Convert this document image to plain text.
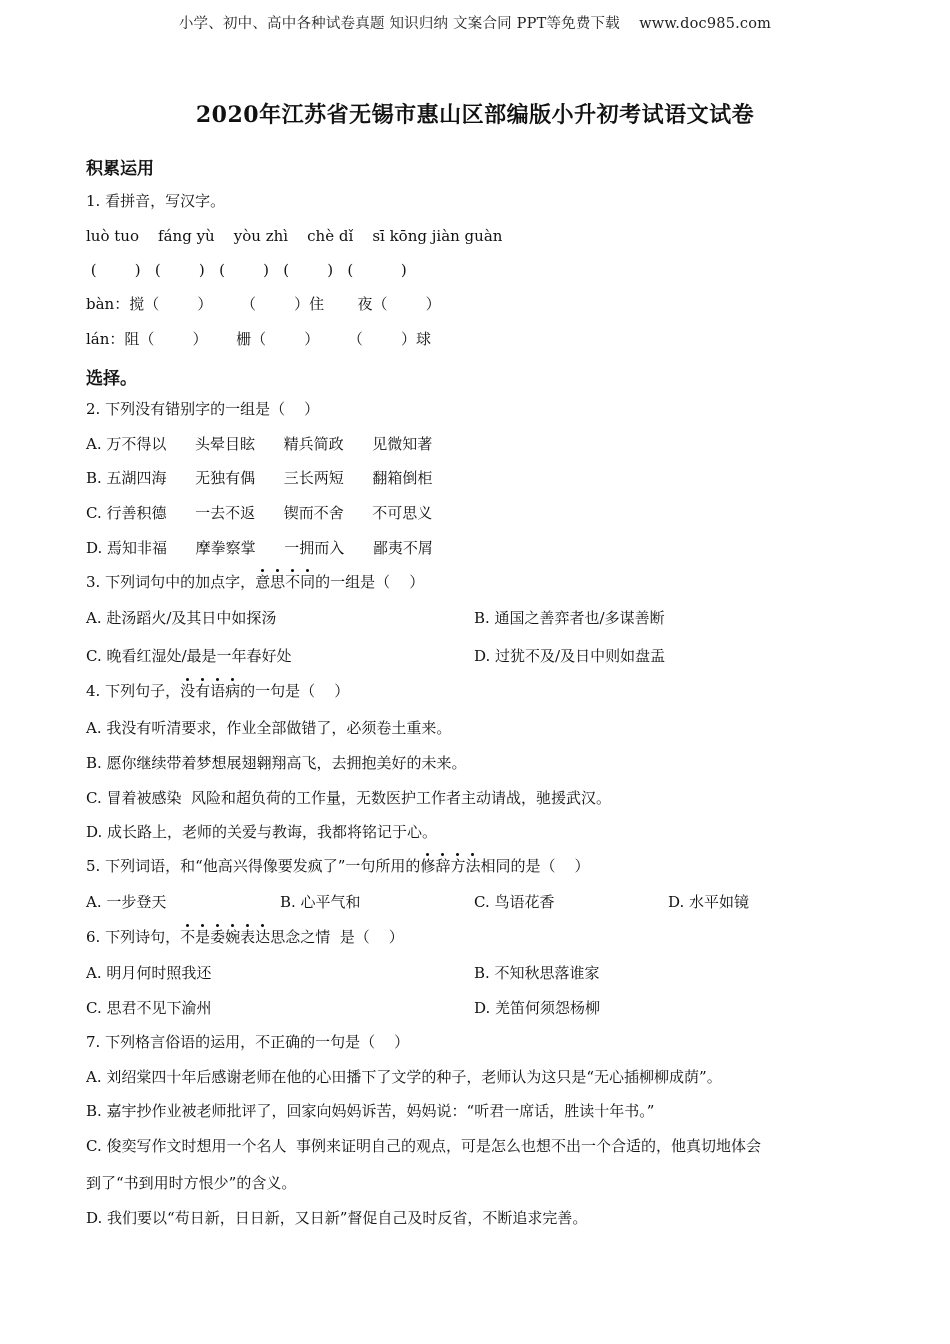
小学、初中、高中各种试卷真题 知识归纳 文案合同 PPT等免费下载    www.doc985.com
2020年江苏省无锡市惠山区部编版小升初考试语文试卷
积累运用
1. 看拼音，写汉字。
luò tuo    fáng yù    yòu zhì    chè dǐ    sī kōng jiàn guàn
(        )   (        )   (        )   (        )   (          )
bàn：搅（        ）      （        ）住       夜（        ）
lán：阻（        ）      栅（        ）      （        ）球
选择。
2. 下列没有错别字的一组是（    ）
A. 万不得以      头晕目眩      精兵简政      见微知著
B. 五湖四海      无独有偶      三长两短      翻箱倒柜
C. 行善积德      一去不返      锲而不舍      不可思义
D. 焉知非福      摩拳察掌      一拥而入      鄙夷不屑
3. 下列词句中的加点字，意思不同的一组是（    ）
A. 赴汤蹈火/及其日中如探汤	B. 通国之善弈者也/多谋善断
C. 晚看红湿处/最是一年春好处	D. 过犹不及/及日中则如盘盂
4. 下列句子，没有语病的一句是（    ）
A. 我没有听清要求，作业全部做错了，必须卷土重来。
B. 愿你继续带着梦想展翅翱翔高飞，去拥抱美好的未来。
C. 冒着被感染  风险和超负荷的工作量，无数医护工作者主动请战，驰援武汉。
D. 成长路上，老师的关爱与教诲，我都将铭记于心。
5. 下列词语，和“他高兴得像要发疯了”一句所用的修辞方法相同的是（    ）
A. 一步登天	B. 心平气和	C. 鸟语花香	D. 水平如镜
6. 下列诗句，不是委婉表达思念之情  是（    ）
A. 明月何时照我还	B. 不知秋思落谁家
C. 思君不见下渝州	D. 羌笛何须怨杨柳
7. 下列格言俗语的运用，不正确的一句是（    ）
A. 刘绍棠四十年后感谢老师在他的心田播下了文学的种子，老师认为这只是“无心插柳柳成荫”。
B. 嘉宇抄作业被老师批评了，回家向妈妈诉苦，妈妈说：“听君一席话，胜读十年书。”
C. 俊奕写作文时想用一个名人  事例来证明自己的观点，可是怎么也想不出一个合适的，他真切地体会
到了“书到用时方恨少”的含义。
D. 我们要以“苟日新，日日新，又日新”督促自己及时反省，不断追求完善。
